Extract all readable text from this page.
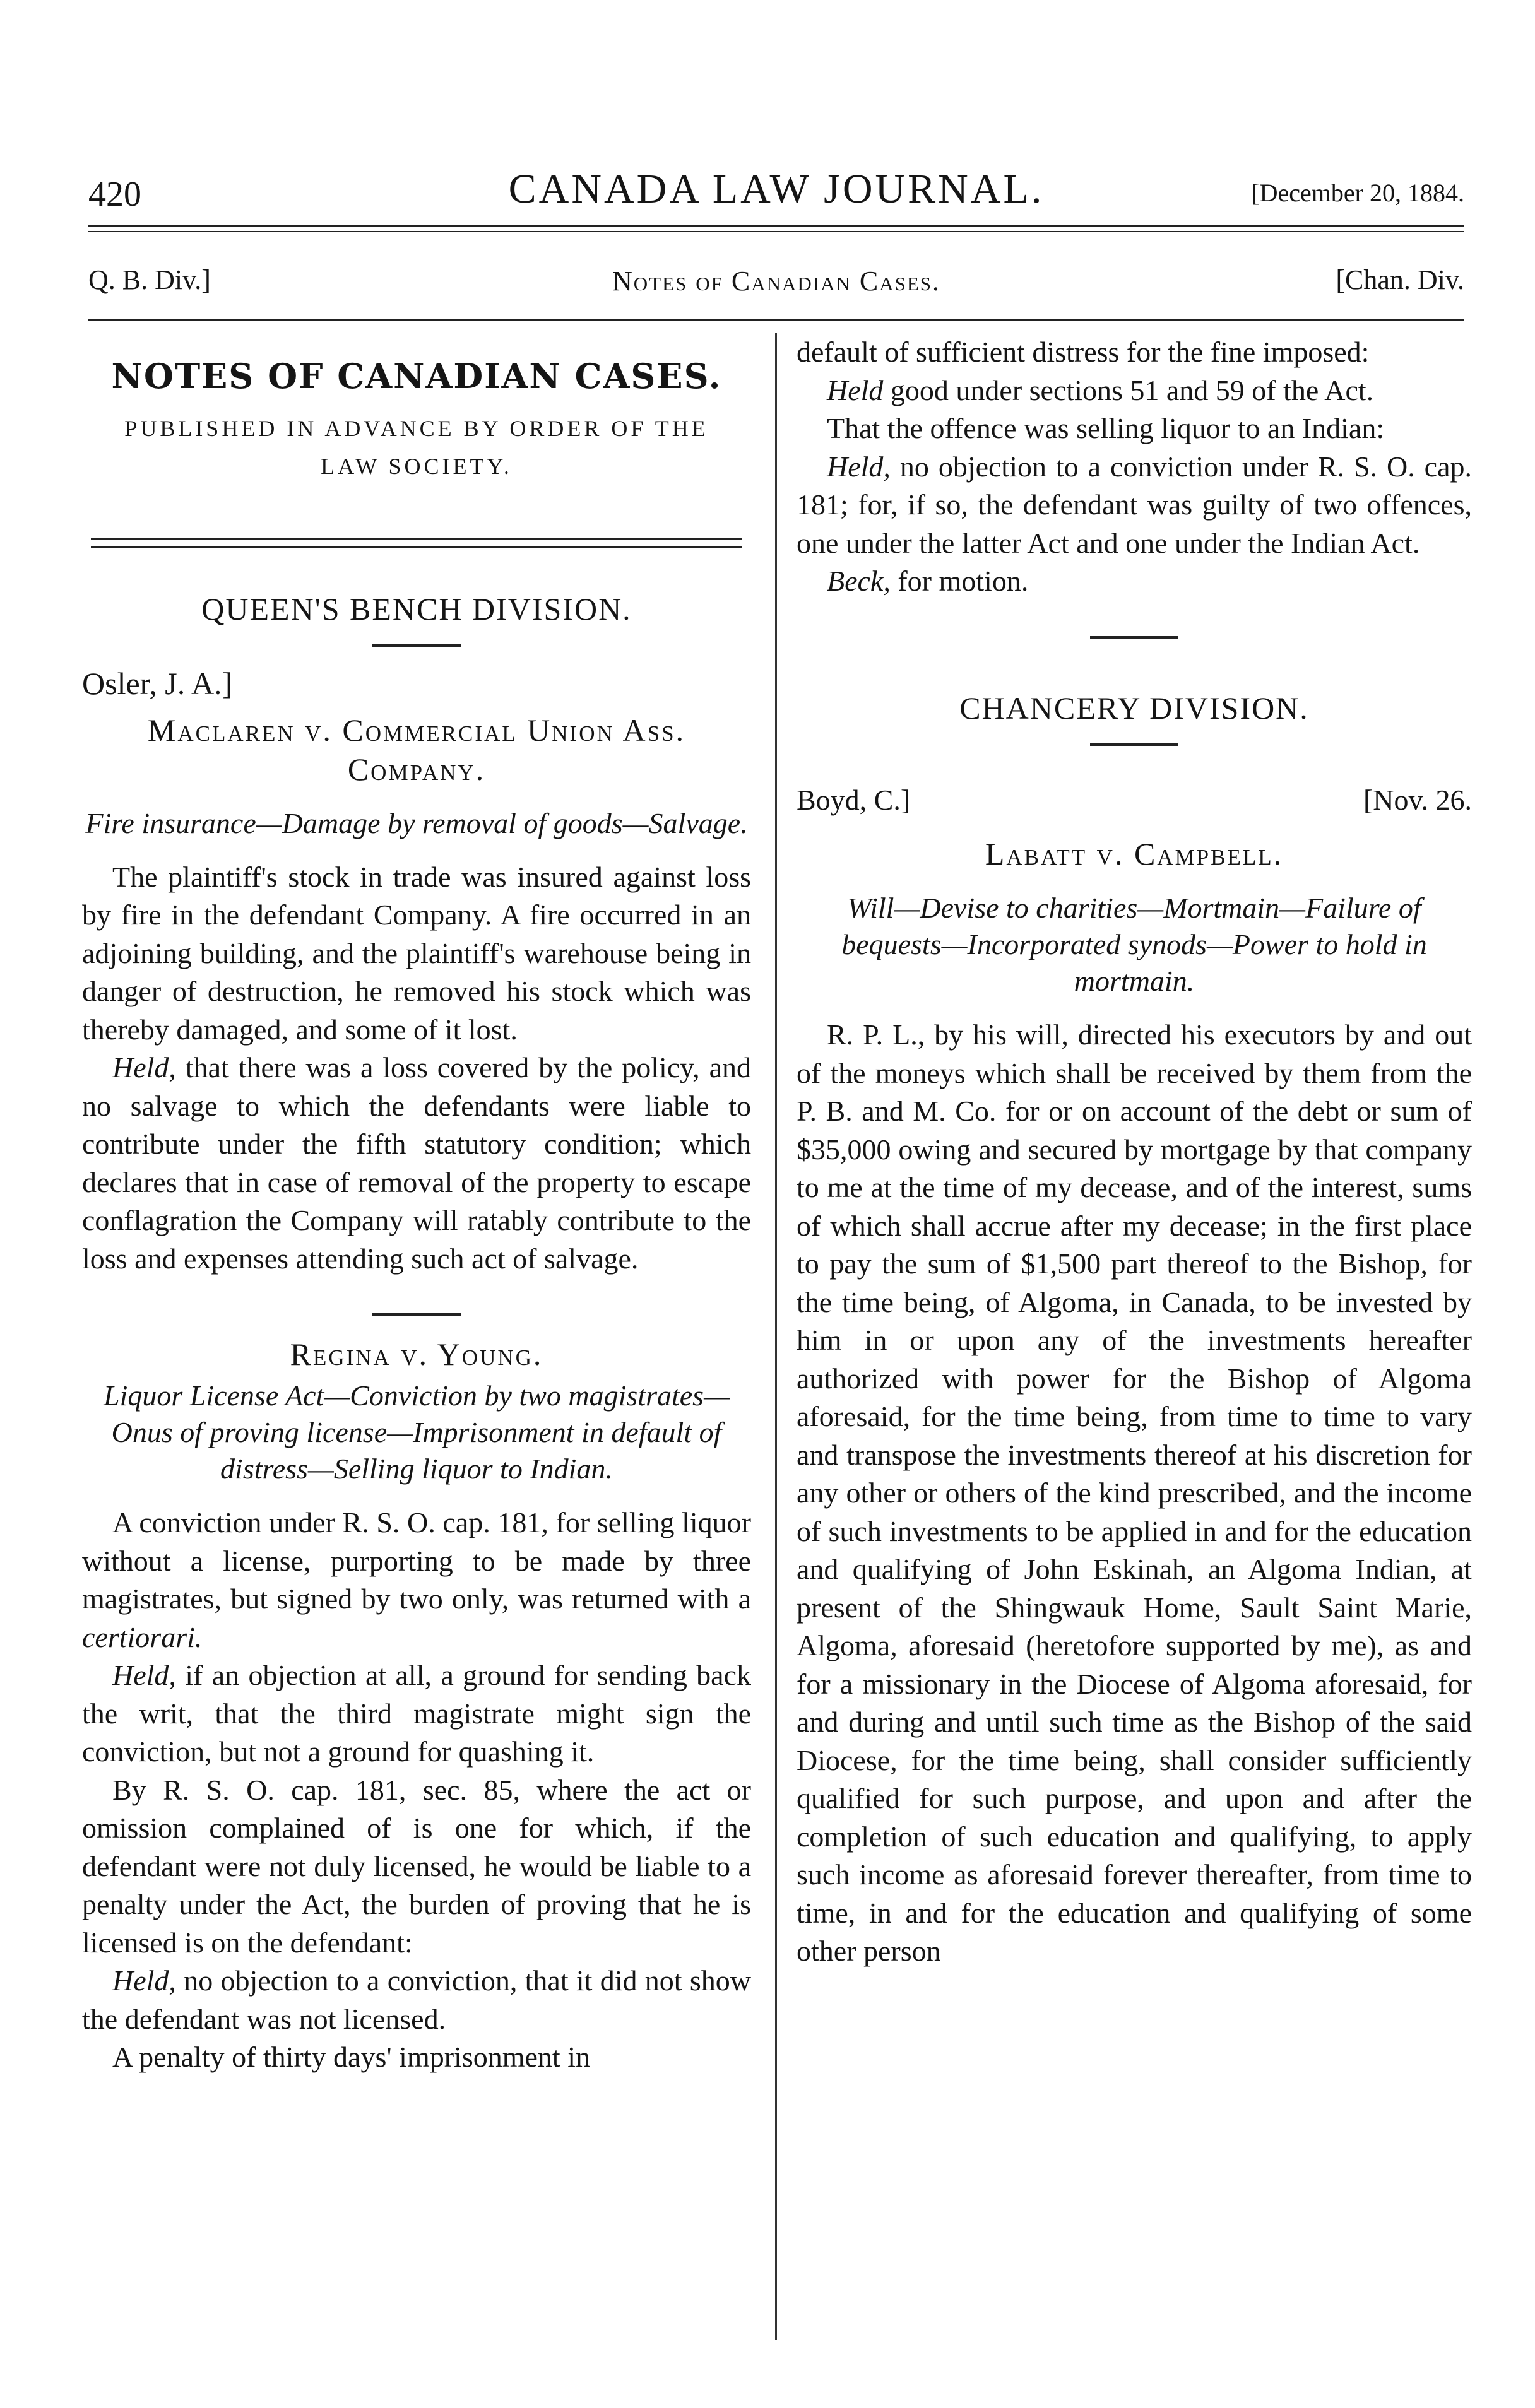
420	CANADA LAW JOURNAL.	[December 20, 1884.
Q. B. Div.]	Notes of Canadian Cases.	[Chan. Div.
NOTES OF CANADIAN CASES.
PUBLISHED IN ADVANCE BY ORDER OF THE LAW SOCIETY.
QUEEN'S BENCH DIVISION.
Osler, J. A.]
Maclaren v. Commercial Union Ass. Company.
Fire insurance—Damage by removal of goods—Salvage.

The plaintiff's stock in trade was insured against loss by fire in the defendant Company. A fire occurred in an adjoining building, and the plaintiff's warehouse being in danger of destruction, he removed his stock which was thereby damaged, and some of it lost.

Held, that there was a loss covered by the policy, and no salvage to which the defendants were liable to contribute under the fifth statutory condition; which declares that in case of removal of the property to escape conflagration the Company will ratably contribute to the loss and expenses attending such act of salvage.

Regina v. Young.
Liquor License Act—Conviction by two magistrates—Onus of proving license—Imprisonment in default of distress—Selling liquor to Indian.

A conviction under R. S. O. cap. 181, for selling liquor without a license, purporting to be made by three magistrates, but signed by two only, was returned with a certiorari.

Held, if an objection at all, a ground for sending back the writ, that the third magistrate might sign the conviction, but not a ground for quashing it.

By R. S. O. cap. 181, sec. 85, where the act or omission complained of is one for which, if the defendant were not duly licensed, he would be liable to a penalty under the Act, the burden of proving that he is licensed is on the defendant:

Held, no objection to a conviction, that it did not show the defendant was not licensed.

A penalty of thirty days' imprisonment in

default of sufficient distress for the fine imposed:

Held good under sections 51 and 59 of the Act.

That the offence was selling liquor to an Indian:

Held, no objection to a conviction under R. S. O. cap. 181; for, if so, the defendant was guilty of two offences, one under the latter Act and one under the Indian Act.

Beck, for motion.

CHANCERY DIVISION.
Boyd, C.]	[Nov. 26.
Labatt v. Campbell.
Will—Devise to charities—Mortmain—Failure of bequests—Incorporated synods—Power to hold in mortmain.

R. P. L., by his will, directed his executors by and out of the moneys which shall be received by them from the P. B. and M. Co. for or on account of the debt or sum of $35,000 owing and secured by mortgage by that company to me at the time of my decease, and of the interest, sums of which shall accrue after my decease; in the first place to pay the sum of $1,500 part thereof to the Bishop, for the time being, of Algoma, in Canada, to be invested by him in or upon any of the investments hereafter authorized with power for the Bishop of Algoma aforesaid, for the time being, from time to time to vary and transpose the investments thereof at his discretion for any other or others of the kind prescribed, and the income of such investments to be applied in and for the education and qualifying of John Eskinah, an Algoma Indian, at present of the Shingwauk Home, Sault Saint Marie, Algoma, aforesaid (heretofore supported by me), as and for a missionary in the Diocese of Algoma aforesaid, for and during and until such time as the Bishop of the said Diocese, for the time being, shall consider sufficiently qualified for such purpose, and upon and after the completion of such education and qualifying, to apply such income as aforesaid forever thereafter, from time to time, in and for the education and qualifying of some other person
